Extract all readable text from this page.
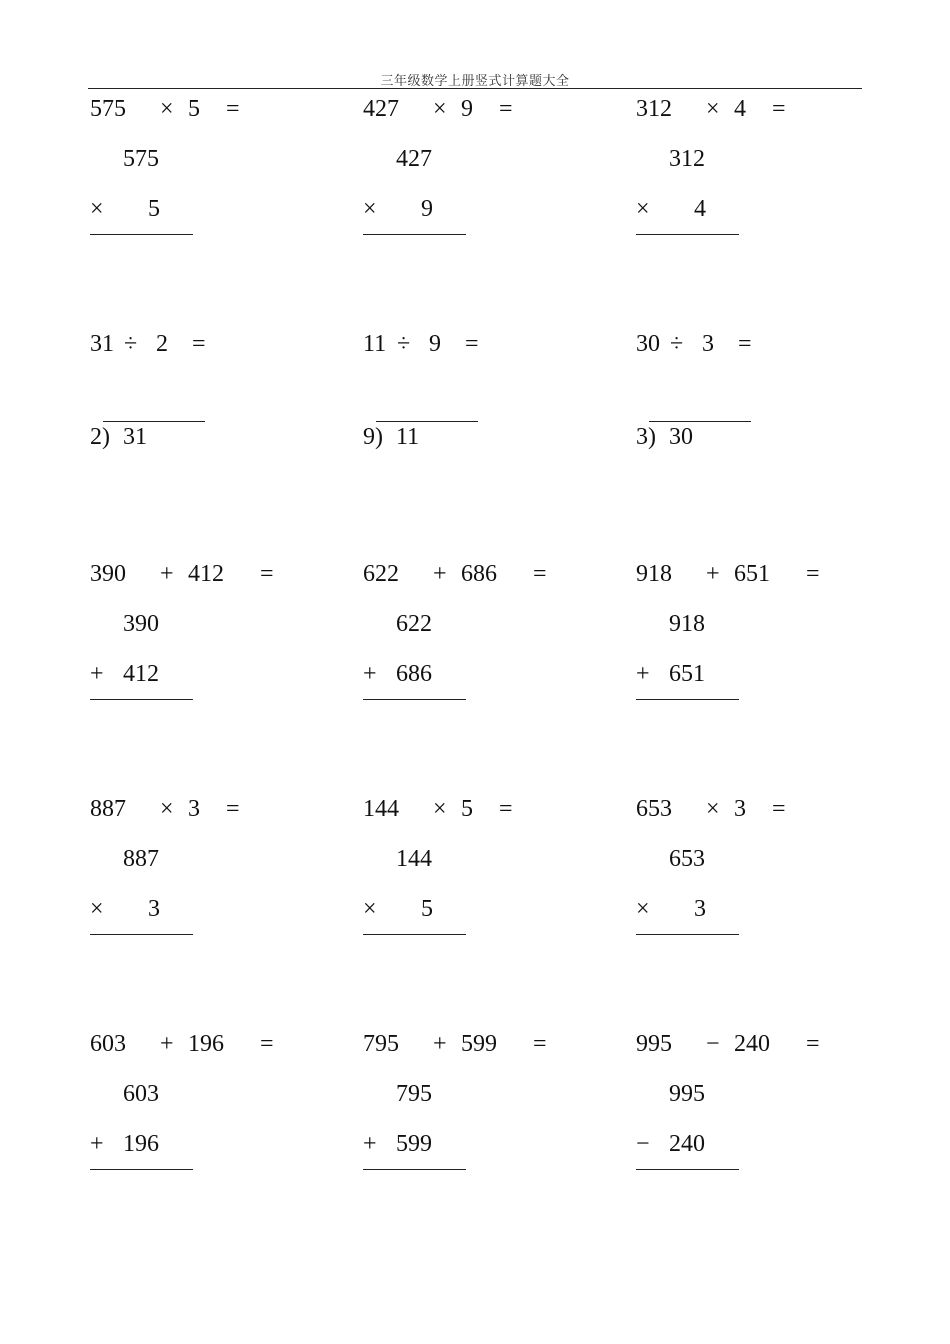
三年级数学上册竖式计算题大全
575 × 5 =
575
× 5
427 × 9 =
427
× 9
312 × 4 =
312
× 4
31 ÷ 2 =
2 ) 31
11 ÷ 9 =
9 ) 11
30 ÷ 3 =
3 ) 30
390 + 412 =
390
+ 412
622 + 686 =
622
+ 686
918 + 651 =
918
+ 651
887 × 3 =
887
× 3
144 × 5 =
144
× 5
653 × 3 =
653
× 3
603 + 196 =
603
+ 196
795 + 599 =
795
+ 599
995 − 240 =
995
− 240
